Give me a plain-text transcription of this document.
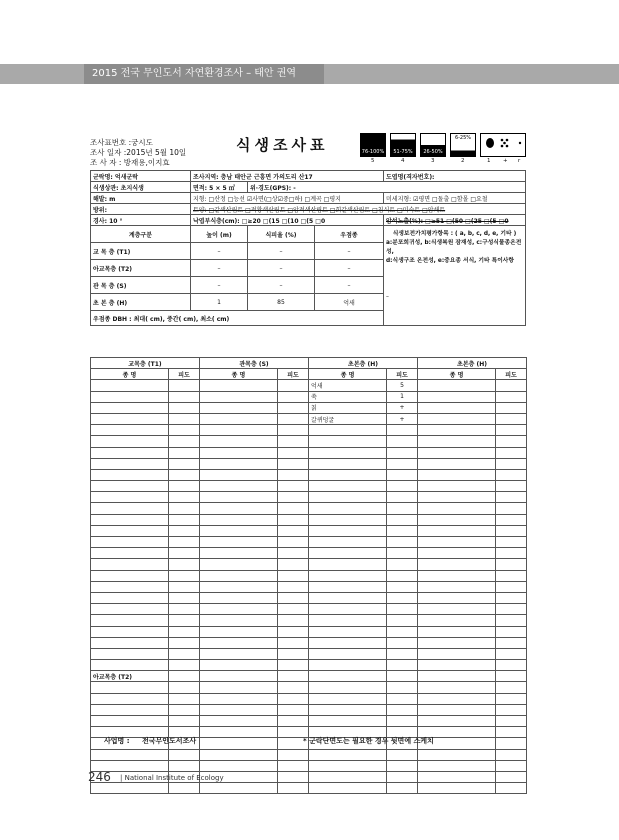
2015 전국 무인도서 자연환경조사 – 태안 권역
조사표번호 :궁시도
조사 일자 :2015년 5월 10일
조 사 자 : 방재용,이지효
식생조사표	76-100%	51-75%	26-50%
6-25%
5	4	3	2	1 + r
군락명: 억새군락	조사지역: 충남 태안군 근흥면 가의도리 산17			도엽명(격자번호):
식생상관: 초지식생	면적: 5 × 5 ㎡	위·경도(GPS): -		
해발: m	지형: □산정 □능선 ☑사면(□상☑중□하) □계곡 □평지			미세지형: ☑평면 □돌출 □함몰 □요철
방위:	토양: □갈색산림토 □적황색산림토 □암적색산림토 □회갈색산림토 □침식토 □미숙토 □암쇄토			
경사: 10 °	낙엽부식층(cm): □≥20 □(15 □(10 □(5 □0			암석노출(%): □≥51 □(50 □(25 □(5 □0
계층구분	높이 (m)	식피율 (%)	우점종	식생보전가치평가항목 : ( a, b, c, d, e, 기타 )
a:분포희귀성, b:식생복원 잠재성, c:구성식물종온전성,
d:식생구조 온전성, e:중요종 서식, 기타 특이사항
–

교 목 층 (T1)	–	–	–	
아교목층 (T2)	–	–	–	
관 목 층 (S)	–	–	–	
초 본 층 (H)	1	85	억새	
우점종 DBH : 최대( cm), 중간( cm), 최소( cm)				
교목층 (T1)		관목층 (S)		초본층 (H)		초본층 (H)	
종 명	피도	종 명	피도	종 명	피도	종 명	피도
				억새	5		
				쑥	1		
				칡	+		
				갈퀴덩굴	+		

아교목층 (T2)							

사업명 : 전국무인도서조사	* 군락단면도는 필요한 경우 뒷면에 스케치
246 | National Institute of Ecology
